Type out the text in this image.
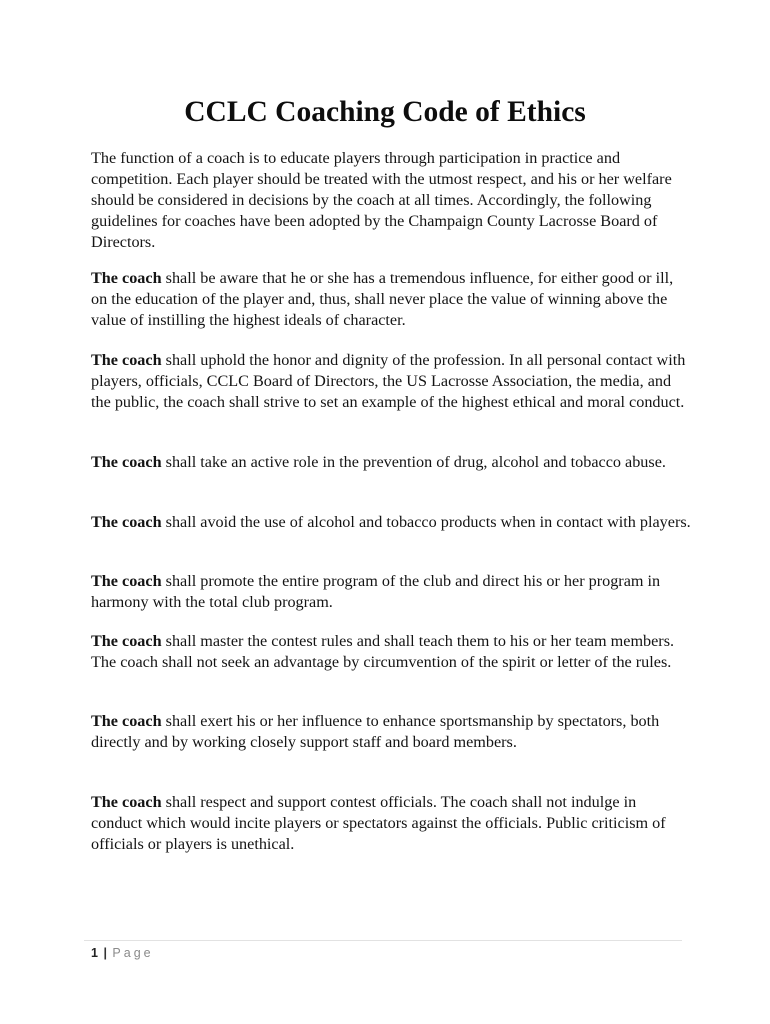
CCLC Coaching Code of Ethics

The function of a coach is to educate players through participation in practice and competition. Each player should be treated with the utmost respect, and his or her welfare should be considered in decisions by the coach at all times. Accordingly, the following guidelines for coaches have been adopted by the Champaign County Lacrosse Board of Directors.

The coach shall be aware that he or she has a tremendous influence, for either good or ill, on the education of the player and, thus, shall never place the value of winning above the value of instilling the highest ideals of character.

The coach shall uphold the honor and dignity of the profession. In all personal contact with players, officials, CCLC Board of Directors, the US Lacrosse Association, the media, and the public, the coach shall strive to set an example of the highest ethical and moral conduct.

The coach shall take an active role in the prevention of drug, alcohol and tobacco abuse.

The coach shall avoid the use of alcohol and tobacco products when in contact with players.

The coach shall promote the entire program of the club and direct his or her program in harmony with the total club program.

The coach shall master the contest rules and shall teach them to his or her team members. The coach shall not seek an advantage by circumvention of the spirit or letter of the rules.

The coach shall exert his or her influence to enhance sportsmanship by spectators, both directly and by working closely support staff and board members.

The coach shall respect and support contest officials. The coach shall not indulge in conduct which would incite players or spectators against the officials. Public criticism of officials or players is unethical.

1 | Page
